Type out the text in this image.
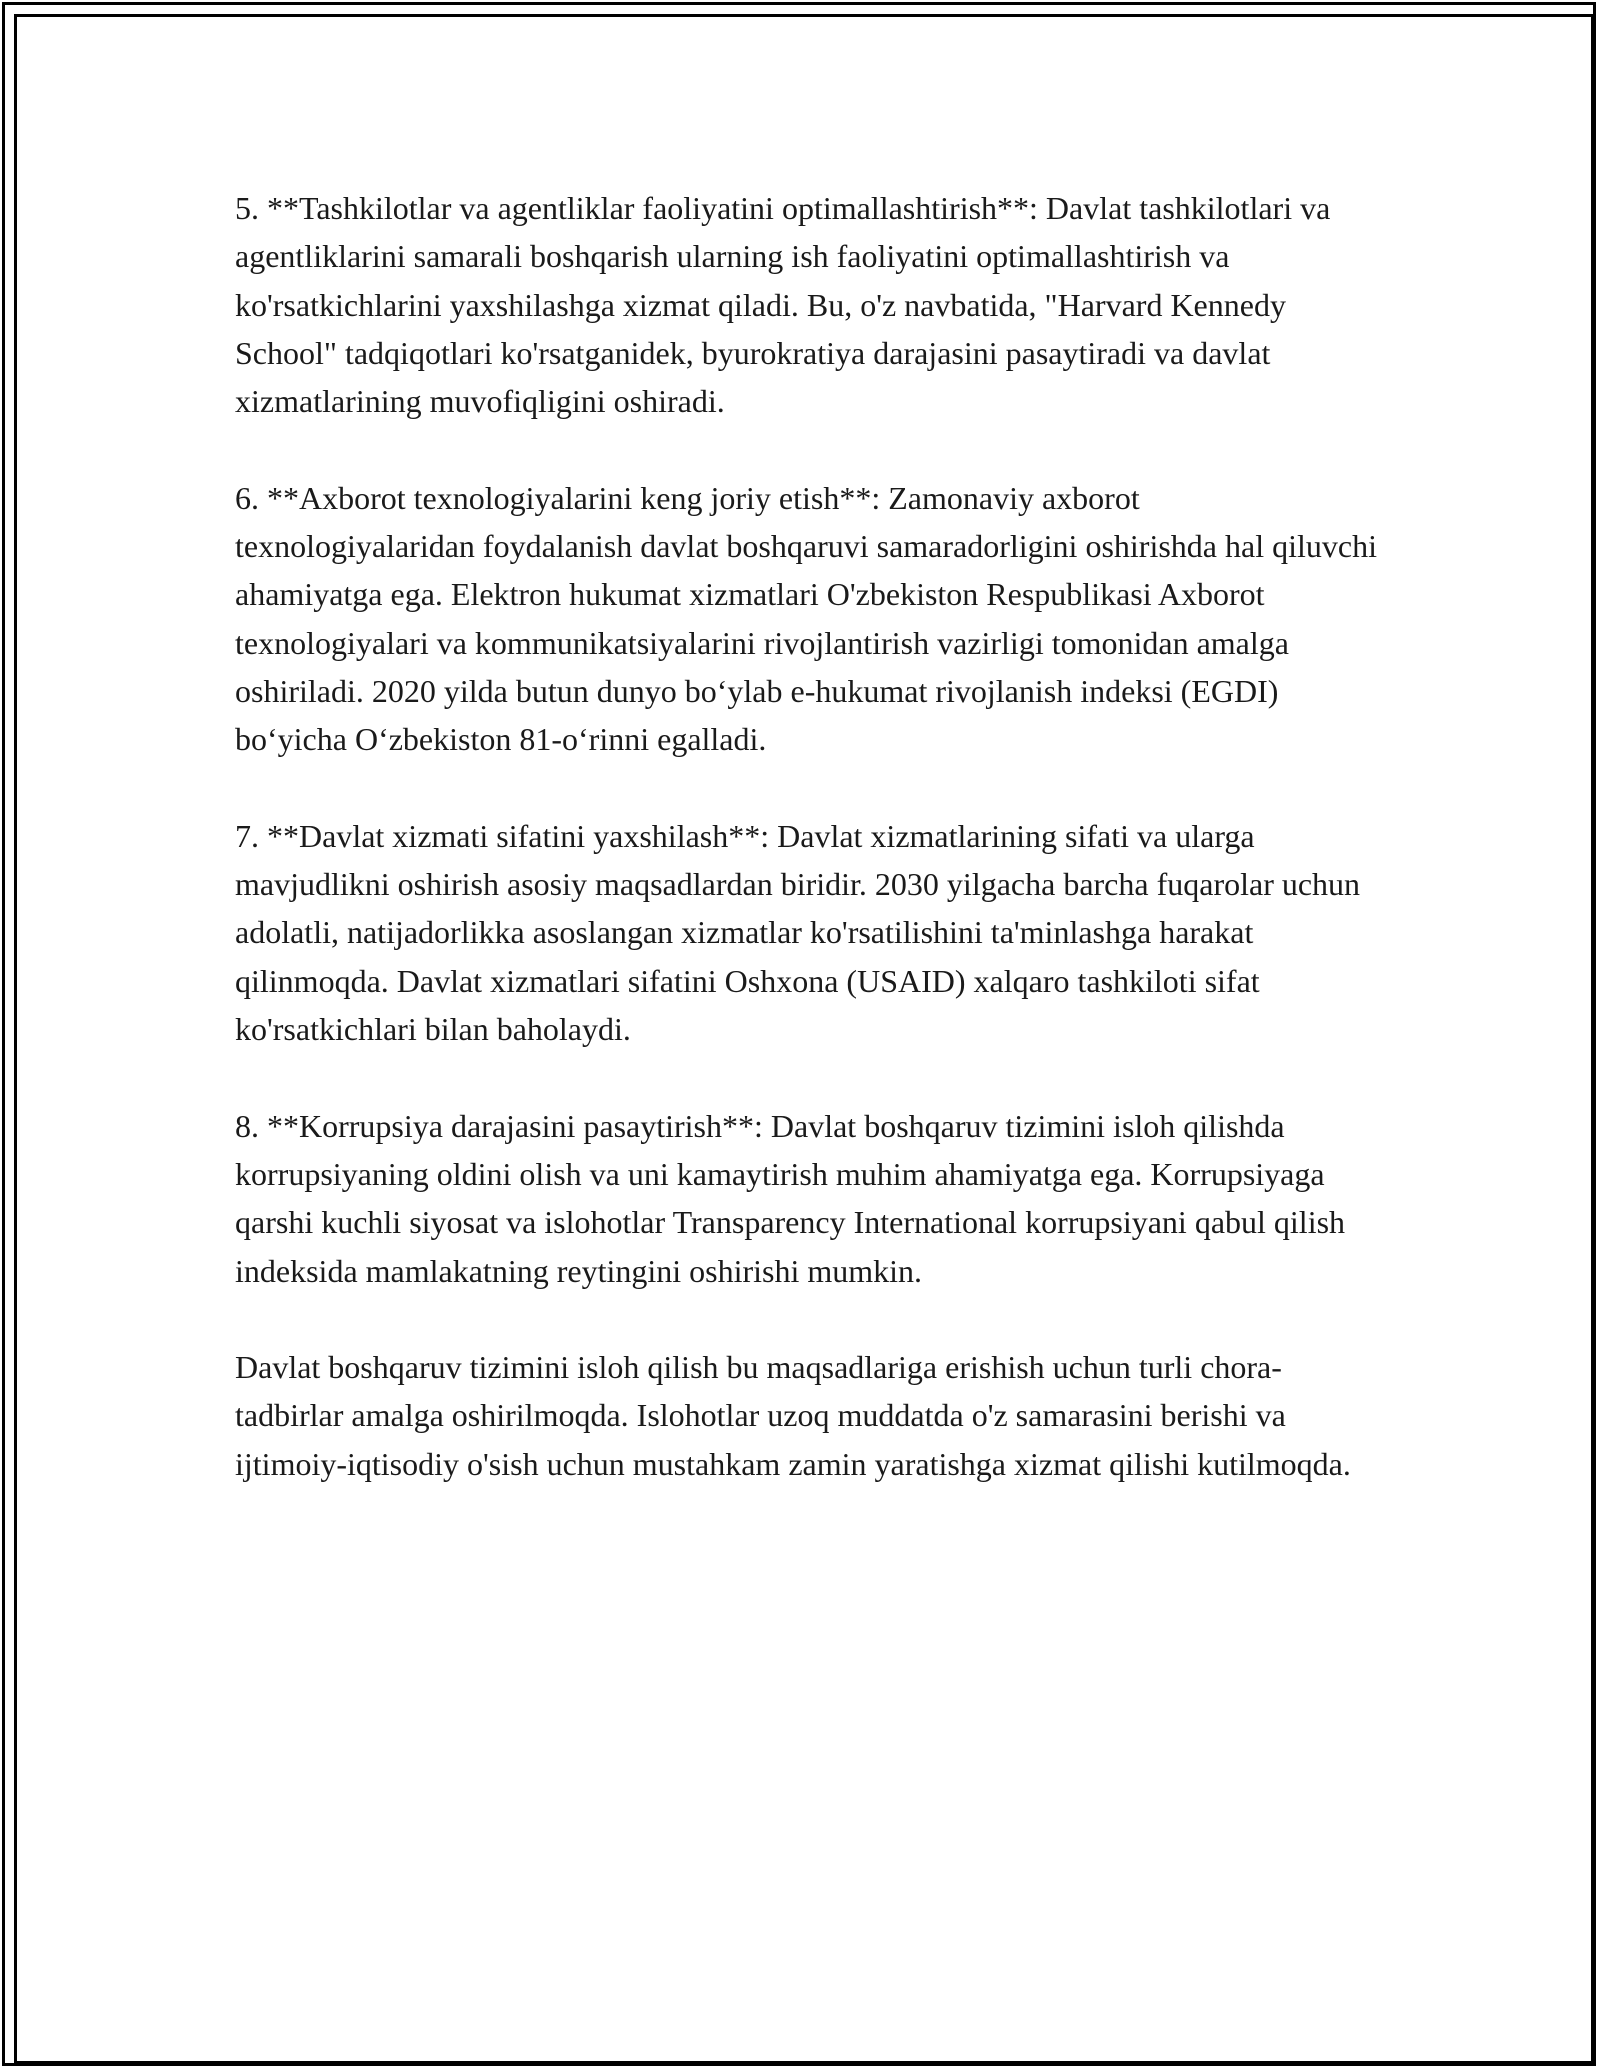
5. **Tashkilotlar va agentliklar faoliyatini optimallashtirish**: Davlat tashkilotlari va agentliklarini samarali boshqarish ularning ish faoliyatini optimallashtirish va ko'rsatkichlarini yaxshilashga xizmat qiladi. Bu, o'z navbatida, "Harvard Kennedy School" tadqiqotlari ko'rsatganidek, byurokratiya darajasini pasaytiradi va davlat xizmatlarining muvofiqligini oshiradi.

6. **Axborot texnologiyalarini keng joriy etish**: Zamonaviy axborot texnologiyalaridan foydalanish davlat boshqaruvi samaradorligini oshirishda hal qiluvchi ahamiyatga ega. Elektron hukumat xizmatlari O'zbekiston Respublikasi Axborot texnologiyalari va kommunikatsiyalarini rivojlantirish vazirligi tomonidan amalga oshiriladi. 2020 yilda butun dunyo boʻylab e-hukumat rivojlanish indeksi (EGDI) boʻyicha Oʻzbekiston 81-oʻrinni egalladi.

7. **Davlat xizmati sifatini yaxshilash**: Davlat xizmatlarining sifati va ularga mavjudlikni oshirish asosiy maqsadlardan biridir. 2030 yilgacha barcha fuqarolar uchun adolatli, natijadorlikka asoslangan xizmatlar ko'rsatilishini ta'minlashga harakat qilinmoqda. Davlat xizmatlari sifatini Oshxona (USAID) xalqaro tashkiloti sifat ko'rsatkichlari bilan baholaydi.

8. **Korrupsiya darajasini pasaytirish**: Davlat boshqaruv tizimini isloh qilishda korrupsiyaning oldini olish va uni kamaytirish muhim ahamiyatga ega. Korrupsiyaga qarshi kuchli siyosat va islohotlar Transparency International korrupsiyani qabul qilish indeksida mamlakatning reytingini oshirishi mumkin.

Davlat boshqaruv tizimini isloh qilish bu maqsadlariga erishish uchun turli chora-tadbirlar amalga oshirilmoqda. Islohotlar uzoq muddatda o'z samarasini berishi va ijtimoiy-iqtisodiy o'sish uchun mustahkam zamin yaratishga xizmat qilishi kutilmoqda.
